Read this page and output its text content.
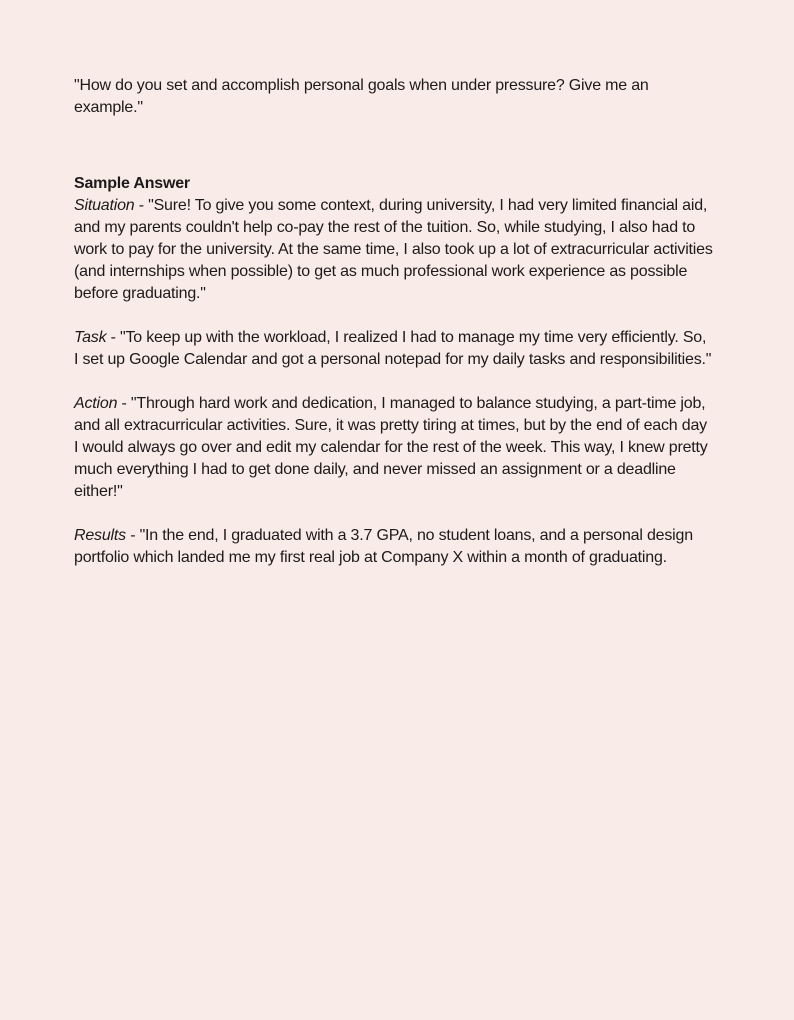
"How do you set and accomplish personal goals when under pressure? Give me an example."

Sample Answer

Situation - "Sure! To give you some context, during university, I had very limited financial aid, and my parents couldn't help co-pay the rest of the tuition. So, while studying, I also had to work to pay for the university. At the same time, I also took up a lot of extracurricular activities (and internships when possible) to get as much professional work experience as possible before graduating."

Task - "To keep up with the workload, I realized I had to manage my time very efficiently. So, I set up Google Calendar and got a personal notepad for my daily tasks and responsibilities."

Action - "Through hard work and dedication, I managed to balance studying, a part-time job, and all extracurricular activities. Sure, it was pretty tiring at times, but by the end of each day I would always go over and edit my calendar for the rest of the week. This way, I knew pretty much everything I had to get done daily, and never missed an assignment or a deadline either!"

Results - "In the end, I graduated with a 3.7 GPA, no student loans, and a personal design portfolio which landed me my first real job at Company X within a month of graduating.
